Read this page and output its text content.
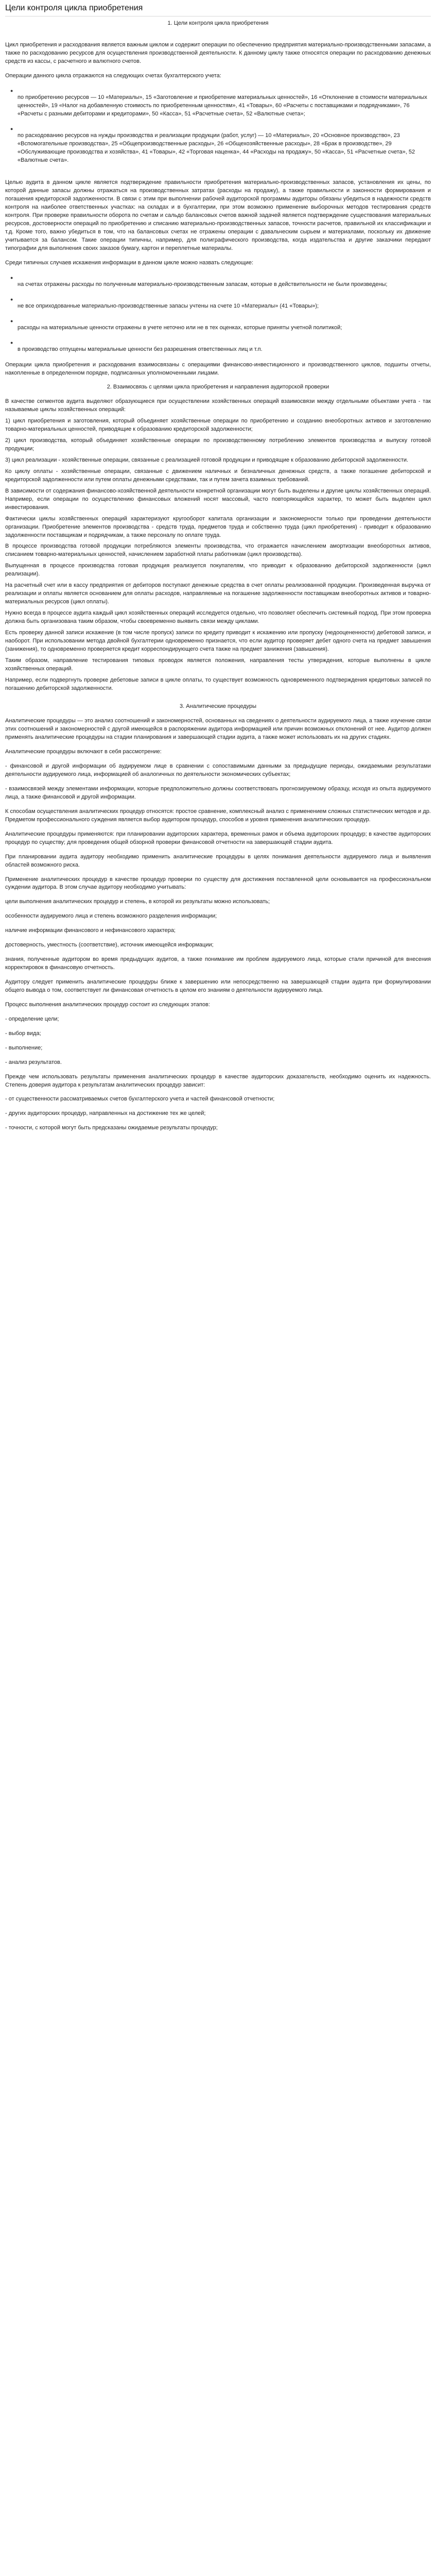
Цели контроля цикла приобретения

1. Цели контроля цикла приобретения

Цикл приобретения и расходования является важным циклом и содержит операции по обеспечению предприятия материально-производственными запасами, а также по расходованию ресурсов для осуществления производственной деятельности. К данному циклу также относятся операции по расходованию денежных средств из кассы, с расчетного и валютного счетов.

Операции данного цикла отражаются на следующих счетах бухгалтерского учета:

●
по приобретению ресурсов — 10 «Материалы», 15 «Заготовление и приобретение материальных ценностей», 16 «Отклонение в стоимости материальных ценностей», 19 «Налог на добавленную стоимость по приобретенным ценностям», 41 «Товары», 60 «Расчеты с поставщиками и подрядчиками», 76 «Расчеты с разными дебиторами и кредиторами», 50 «Касса», 51 «Расчетные счета», 52 «Валютные счета»;
●
по расходованию ресурсов на нужды производства и реализации продукции (работ, услуг) — 10 «Материалы», 20 «Основное производство», 23 «Вспомогательные производства», 25 «Общепроизводственные расходы», 26 «Общехозяйственные расходы», 28 «Брак в производстве», 29 «Обслуживающие производства и хозяйства», 41 «Товары», 42 «Торговая наценка», 44 «Расходы на продажу», 50 «Касса», 51 «Расчетные счета», 52 «Валютные счета».

Целью аудита в данном цикле является подтверждение правильности приобретения материально-производственных запасов, установления их цены, по которой данные запасы должны отражаться на производственных затратах (расходы на продажу), а также правильности и законности формирования и погашения кредиторской задолженности. В связи с этим при выполнении рабочей аудиторской программы аудиторы обязаны убедиться в надежности средств контроля на наиболее ответственных участках: на складах и в бухгалтерии, при этом возможно применение выборочных методов тестирования средств контроля. При проверке правильности оборота по счетам и сальдо балансовых счетов важной задачей является подтверждение существования материальных ресурсов, достоверности операций по приобретению и списанию материально-производственных запасов, точности расчетов, правильной их классификации и т.д. Кроме того, важно убедиться в том, что на балансовых счетах не отражены операции с давальческим сырьем и материалами, поскольку их движение учитывается за балансом. Такие операции типичны, например, для полиграфического производства, когда издательства и другие заказчики передают типографии для выполнения своих заказов бумагу, картон и переплетные материалы.

Среди типичных случаев искажения информации в данном цикле можно назвать следующие:

●
на счетах отражены расходы по полученным материально-производственным запасам, которые в действительности не были произведены;
●
не все оприходованные материально-производственные запасы учтены на счете 10 «Материалы» (41 «Товары»);
●
расходы на материальные ценности отражены в учете неточно или не в тех оценках, которые приняты учетной политикой;
●
в производство отпущены материальные ценности без разрешения ответственных лиц и т.п.

Операции цикла приобретения и расходования взаимосвязаны с операциями финансово-инвестиционного и производственного циклов, подшиты отчеты, накопленные в определенном порядке, подписанных уполномоченными лицами.

2. Взаимосвязь с целями цикла приобретения и направления аудиторской проверки

В качестве сегментов аудита выделяют образующиеся при осуществлении хозяйственных операций взаимосвязи между отдельными объектами учета - так называемые циклы хозяйственных операций:

1) цикл приобретения и заготовления, который объединяет хозяйственные операции по приобретению и созданию внеоборотных активов и заготовлению товарно-материальных ценностей, приводящие к образованию кредиторской задолженности;

2) цикл производства, который объединяет хозяйственные операции по производственному потреблению элементов производства и выпуску готовой продукции;

3) цикл реализации - хозяйственные операции, связанные с реализацией готовой продукции и приводящие к образованию дебиторской задолженности.

Ко циклу оплаты - хозяйственные операции, связанные с движением наличных и безналичных денежных средств, а также погашение дебиторской и кредиторской задолженности или путем оплаты денежными средствами, так и путем зачета взаимных требований.

В зависимости от содержания финансово-хозяйственной деятельности конкретной организации могут быть выделены и другие циклы хозяйственных операций. Например, если операции по осуществлению финансовых вложений носят массовый, часто повторяющийся характер, то может быть выделен цикл инвестирования.

Фактически циклы хозяйственных операций характеризуют кругооборот капитала организации и закономерности только при проведении деятельности организации. Приобретение элементов производства - средств труда, предметов труда и собственно труда (цикл приобретения) - приводит к образованию задолженности поставщикам и подрядчикам, а также персоналу по оплате труда.

В процессе производства готовой продукции потребляются элементы производства, что отражается начислением амортизации внеоборотных активов, списанием товарно-материальных ценностей, начислением заработной платы работникам (цикл производства).

Выпущенная в процессе производства готовая продукция реализуется покупателям, что приводит к образованию дебиторской задолженности (цикл реализации).

На расчетный счет или в кассу предприятия от дебиторов поступают денежные средства в счет оплаты реализованной продукции. Произведенная выручка от реализации и оплаты является основанием для оплаты расходов, направляемые на погашение задолженности поставщикам внеоборотных активов и товарно-материальных ресурсов (цикл оплаты).

Нужно всегда в процессе аудита каждый цикл хозяйственных операций исследуется отдельно, что позволяет обеспечить системный подход. При этом проверка должна быть организована таким образом, чтобы своевременно выявить связи между циклами.

Есть проверку данной записи искажение (в том числе пропуск) записи по кредиту приводит к искажению или пропуску (недооцененности) дебетовой записи, и наоборот. При использовании метода двойной бухгалтерии одновременно признается, что если аудитор проверяет дебет одного счета на предмет завышения (занижения), то одновременно проверяется кредит корреспондирующего счета также на предмет занижения (завышения).

Таким образом, направление тестирования типовых проводок является положения, направления тесты утверждения, которые выполнены в цикле хозяйственных операций.

Например, если подвергнуть проверке дебетовые записи в цикле оплаты, то существует возможность одновременного подтверждения кредитовых записей по погашению дебиторской задолженности.

3. Аналитические процедуры

Аналитические процедуры — это анализ соотношений и закономерностей, основанных на сведениях о деятельности аудируемого лица, а также изучение связи этих соотношений и закономерностей с другой имеющейся в распоряжении аудитора информацией или причин возможных отклонений от нее. Аудитор должен применять аналитические процедуры на стадии планирования и завершающей стадии аудита, а также может использовать их на других стадиях.

Аналитические процедуры включают в себя рассмотрение:

- финансовой и другой информации об аудируемом лице в сравнении с сопоставимыми данными за предыдущие периоды, ожидаемыми результатами деятельности аудируемого лица, информацией об аналогичных по деятельности экономических субъектах;

- взаимосвязей между элементами информации, которые предположительно должны соответствовать прогнозируемому образцу, исходя из опыта аудируемого лица, а также финансовой и другой информации.

К способам осуществления аналитических процедур относятся: простое сравнение, комплексный анализ с применением сложных статистических методов и др. Предметом профессионального суждения является выбор аудитором процедур, способов и уровня применения аналитических процедур.

Аналитические процедуры применяются: при планировании аудиторских характера, временных рамок и объема аудиторских процедур; в качестве аудиторских процедур по существу; для проведения общей обзорной проверки финансовой отчетности на завершающей стадии аудита.

При планировании аудита аудитору необходимо применить аналитические процедуры в целях понимания деятельности аудируемого лица и выявления областей возможного риска.

Применение аналитических процедур в качестве процедур проверки по существу для достижения поставленной цели основывается на профессиональном суждении аудитора. В этом случае аудитору необходимо учитывать:

цели выполнения аналитических процедур и степень, в которой их результаты можно использовать;

особенности аудируемого лица и степень возможного разделения информации;

наличие информации финансового и нефинансового характера;

достоверность, уместность (соответствие), источник имеющейся информации;

знания, полученные аудитором во время предыдущих аудитов, а также понимание им проблем аудируемого лица, которые стали причиной для внесения корректировок в финансовую отчетность.

Аудитору следует применить аналитические процедуры ближе к завершению или непосредственно на завершающей стадии аудита при формулировании общего вывода о том, соответствует ли финансовая отчетность в целом его знаниям о деятельности аудируемого лица.

Процесс выполнения аналитических процедур состоит из следующих этапов:

- определение цели;

- выбор вида;

- выполнение;

- анализ результатов.

Прежде чем использовать результаты применения аналитических процедур в качестве аудиторских доказательств, необходимо оценить их надежность. Степень доверия аудитора к результатам аналитических процедур зависит:

- от существенности рассматриваемых счетов бухгалтерского учета и частей финансовой отчетности;

- других аудиторских процедур, направленных на достижение тех же целей;

- точности, с которой могут быть предсказаны ожидаемые результаты процедур;
